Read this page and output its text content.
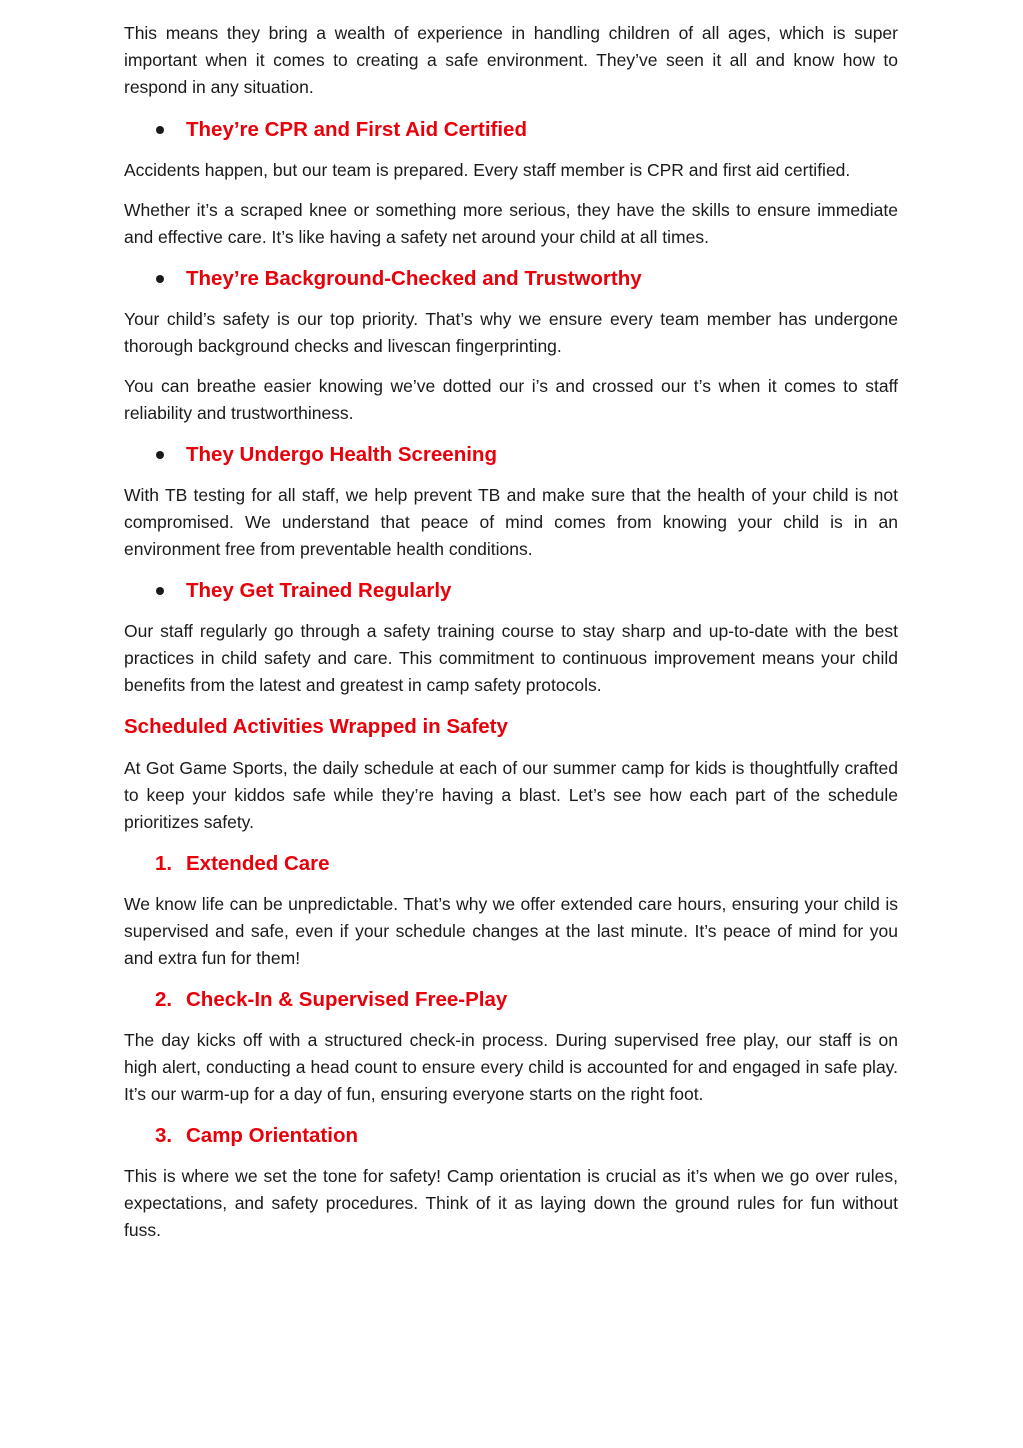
This means they bring a wealth of experience in handling children of all ages, which is super important when it comes to creating a safe environment. They’ve seen it all and know how to respond in any situation.

They’re CPR and First Aid Certified

Accidents happen, but our team is prepared. Every staff member is CPR and first aid certified.

Whether it’s a scraped knee or something more serious, they have the skills to ensure immediate and effective care. It’s like having a safety net around your child at all times.

They’re Background-Checked and Trustworthy

Your child’s safety is our top priority. That’s why we ensure every team member has undergone thorough background checks and livescan fingerprinting.

You can breathe easier knowing we’ve dotted our i’s and crossed our t’s when it comes to staff reliability and trustworthiness.

They Undergo Health Screening

With TB testing for all staff, we help prevent TB and make sure that the health of your child is not compromised. We understand that peace of mind comes from knowing your child is in an environment free from preventable health conditions.

They Get Trained Regularly

Our staff regularly go through a safety training course to stay sharp and up-to-date with the best practices in child safety and care. This commitment to continuous improvement means your child benefits from the latest and greatest in camp safety protocols.

Scheduled Activities Wrapped in Safety

At Got Game Sports, the daily schedule at each of our summer camp for kids is thoughtfully crafted to keep your kiddos safe while they’re having a blast. Let’s see how each part of the schedule prioritizes safety.

1. Extended Care

We know life can be unpredictable. That’s why we offer extended care hours, ensuring your child is supervised and safe, even if your schedule changes at the last minute. It’s peace of mind for you and extra fun for them!

2. Check-In & Supervised Free-Play

The day kicks off with a structured check-in process. During supervised free play, our staff is on high alert, conducting a head count to ensure every child is accounted for and engaged in safe play. It’s our warm-up for a day of fun, ensuring everyone starts on the right foot.

3. Camp Orientation

This is where we set the tone for safety! Camp orientation is crucial as it’s when we go over rules, expectations, and safety procedures. Think of it as laying down the ground rules for fun without fuss.
